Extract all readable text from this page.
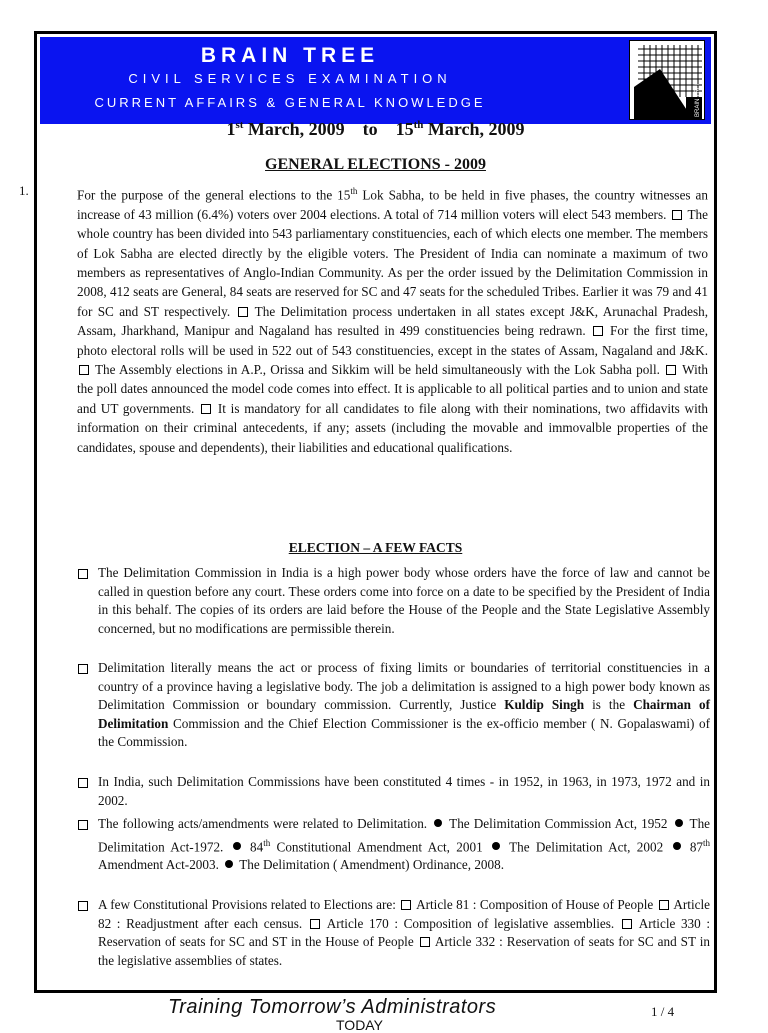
BRAIN TREE
CIVIL SERVICES EXAMINATION
CURRENT AFFAIRS & GENERAL KNOWLEDGE	BRAIN TREE
1st March, 2009 to 15th March, 2009
GENERAL ELECTIONS - 2009
1.	For the purpose of the general elections to the 15th Lok Sabha, to be held in five phases, the country witnesses an increase of 43 million (6.4%) voters over 2004 elections. A total of 714 million voters will elect 543 members.  The whole country has been divided into 543 parliamentary constituencies, each of which elects one member. The members of Lok Sabha are elected directly by the eligible voters. The President of India can nominate a maximum of two members as representatives of Anglo-Indian Community. As per the order issued by the Delimitation Commission in 2008, 412 seats are General, 84 seats are reserved for SC and 47 seats for the scheduled Tribes. Earlier it was 79 and 41 for SC and ST respectively.  The Delimitation process undertaken in all states except J&K, Arunachal Pradesh, Assam, Jharkhand, Manipur and Nagaland has resulted in 499 constituencies being redrawn.  For the first time, photo electoral rolls will be used in 522 out of 543 constituencies, except in the states of Assam, Nagaland and J&K.  The Assembly elections in A.P., Orissa and Sikkim will be held simultaneously with the Lok Sabha poll.  With the poll dates announced the model code comes into effect. It is applicable to all political parties and to union and state and UT governments.  It is mandatory for all candidates to file along with their nominations, two affidavits with information on their criminal antecedents, if any; assets (including the movable and immovalble properties of the candidates, spouse and dependents), their liabilities and educational qualifications.
ELECTION – A FEW FACTS
The Delimitation Commission in India is a high power body whose orders have the force of law and cannot be called in question before any court. These orders come into force on a date to be specified by the President of India in this behalf. The copies of its orders are laid before the House of the People and the State Legislative Assembly concerned, but no modifications are permissible therein.
Delimitation literally means the act or process of fixing limits or boundaries of territorial constituencies in a country of a province having a legislative body. The job a delimitation is assigned to a high power body known as Delimitation Commission or boundary commission. Currently, Justice Kuldip Singh is the Chairman of Delimitation Commission and the Chief Election Commissioner is the ex-officio member ( N. Gopalaswami) of the Commission.
In India, such Delimitation Commissions have been constituted 4 times - in 1952, in 1963, in 1973, 1972 and in 2002.
The following acts/amendments were related to Delimitation.  The Delimitation Commission Act, 1952  The Delimitation Act-1972.  84th Constitutional Amendment Act, 2001  The Delimitation Act, 2002  87th Amendment Act-2003.  The Delimitation ( Amendment) Ordinance, 2008.
A few Constitutional Provisions related to Elections are:  Article 81 : Composition of House of People  Article 82 : Readjustment after each census.  Article 170 : Composition of legislative assemblies.  Article 330 : Reservation of seats for SC and ST in the House of People  Article 332 : Reservation of seats for SC and ST in the legislative assemblies of states.
Training Tomorrow’s Administrators
TODAY
1 / 4
